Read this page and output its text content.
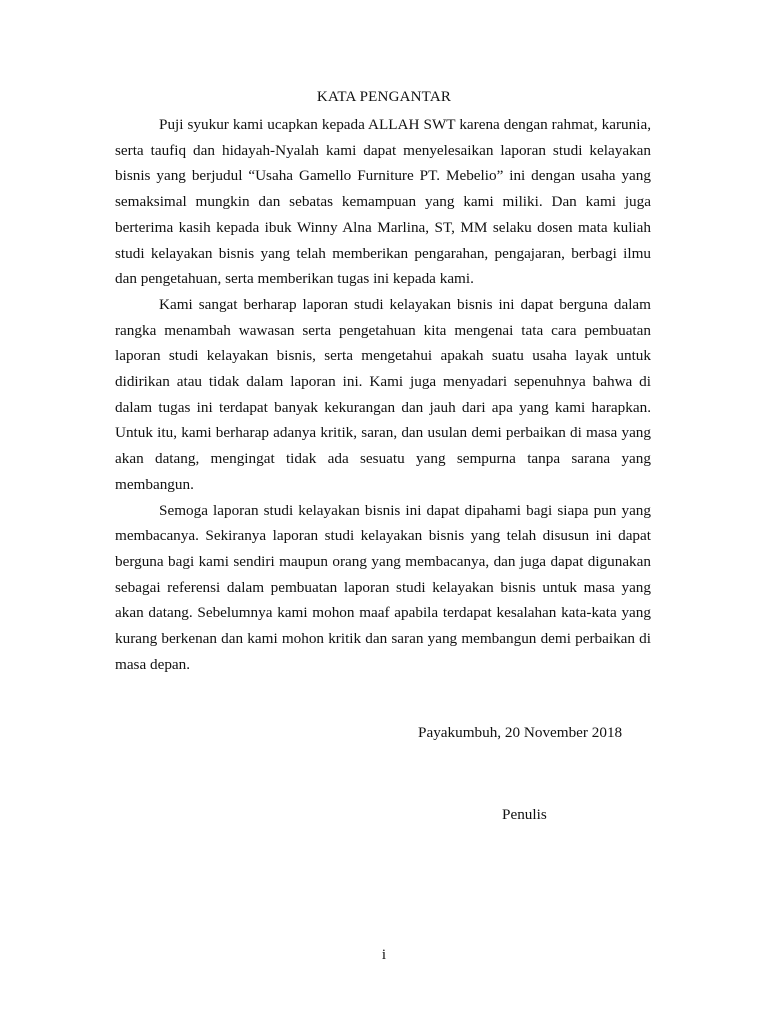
KATA PENGANTAR

Puji syukur kami ucapkan kepada ALLAH SWT karena dengan rahmat, karunia, serta taufiq dan hidayah-Nyalah kami dapat menyelesaikan laporan studi kelayakan bisnis yang berjudul “Usaha Gamello Furniture PT. Mebelio” ini dengan usaha yang semaksimal mungkin dan sebatas kemampuan yang kami miliki. Dan kami juga berterima kasih kepada ibuk Winny Alna Marlina, ST, MM selaku dosen mata kuliah studi kelayakan bisnis yang telah memberikan pengarahan, pengajaran, berbagi ilmu dan pengetahuan, serta memberikan tugas ini kepada kami.

Kami sangat berharap laporan studi kelayakan bisnis ini dapat berguna dalam rangka menambah wawasan serta pengetahuan kita mengenai tata cara pembuatan laporan studi kelayakan bisnis, serta mengetahui apakah suatu usaha layak untuk didirikan atau tidak dalam laporan ini. Kami juga menyadari sepenuhnya bahwa di dalam tugas ini terdapat banyak kekurangan dan jauh dari apa yang kami harapkan. Untuk itu, kami berharap adanya kritik, saran, dan usulan demi perbaikan di masa yang akan datang, mengingat tidak ada sesuatu yang sempurna tanpa sarana yang membangun.

Semoga laporan studi kelayakan bisnis ini dapat dipahami bagi siapa pun yang membacanya. Sekiranya laporan studi kelayakan bisnis yang telah disusun ini dapat berguna bagi kami sendiri maupun orang yang membacanya, dan juga dapat digunakan sebagai referensi dalam pembuatan laporan studi kelayakan bisnis untuk masa yang akan datang. Sebelumnya kami mohon maaf apabila terdapat kesalahan kata-kata yang kurang berkenan dan kami mohon kritik dan saran yang membangun demi perbaikan di masa depan.

Payakumbuh, 20 November 2018
Penulis
i
